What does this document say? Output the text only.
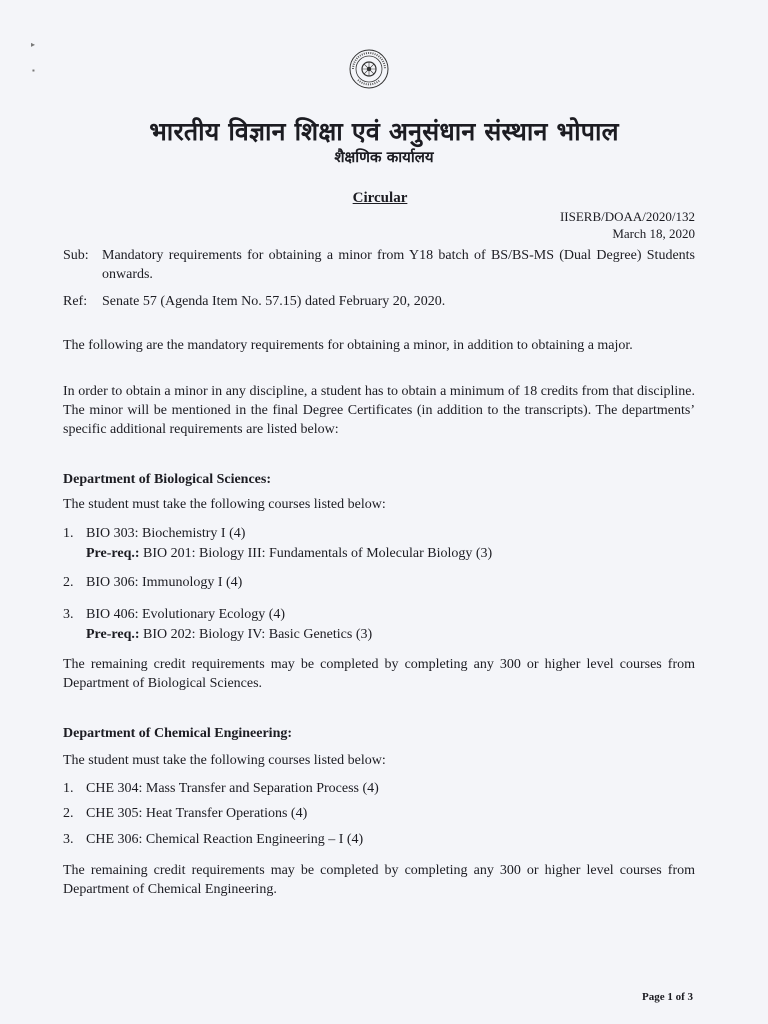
▸
▪
भारतीय विज्ञान शिक्षा एवं अनुसंधान संस्थान भोपाल
शैक्षणिक कार्यालय
Circular
IISERB/DOAA/2020/132
March 18, 2020
Sub: Mandatory requirements for obtaining a minor from Y18 batch of BS/BS-MS (Dual Degree) Students onwards.
Ref: Senate 57 (Agenda Item No. 57.15) dated February 20, 2020.
The following are the mandatory requirements for obtaining a minor, in addition to obtaining a major.
In order to obtain a minor in any discipline, a student has to obtain a minimum of 18 credits from that discipline. The minor will be mentioned in the final Degree Certificates (in addition to the transcripts). The departments’ specific additional requirements are listed below:
Department of Biological Sciences:
The student must take the following courses listed below:
1. BIO 303: Biochemistry I (4)
Pre-req.: BIO 201: Biology III: Fundamentals of Molecular Biology (3)
2. BIO 306: Immunology I (4)
3. BIO 406: Evolutionary Ecology (4)
Pre-req.: BIO 202: Biology IV: Basic Genetics (3)
The remaining credit requirements may be completed by completing any 300 or higher level courses from Department of Biological Sciences.
Department of Chemical Engineering:
The student must take the following courses listed below:
1. CHE 304: Mass Transfer and Separation Process (4)
2. CHE 305: Heat Transfer Operations (4)
3. CHE 306: Chemical Reaction Engineering – I (4)
The remaining credit requirements may be completed by completing any 300 or higher level courses from Department of Chemical Engineering.
Page 1 of 3
